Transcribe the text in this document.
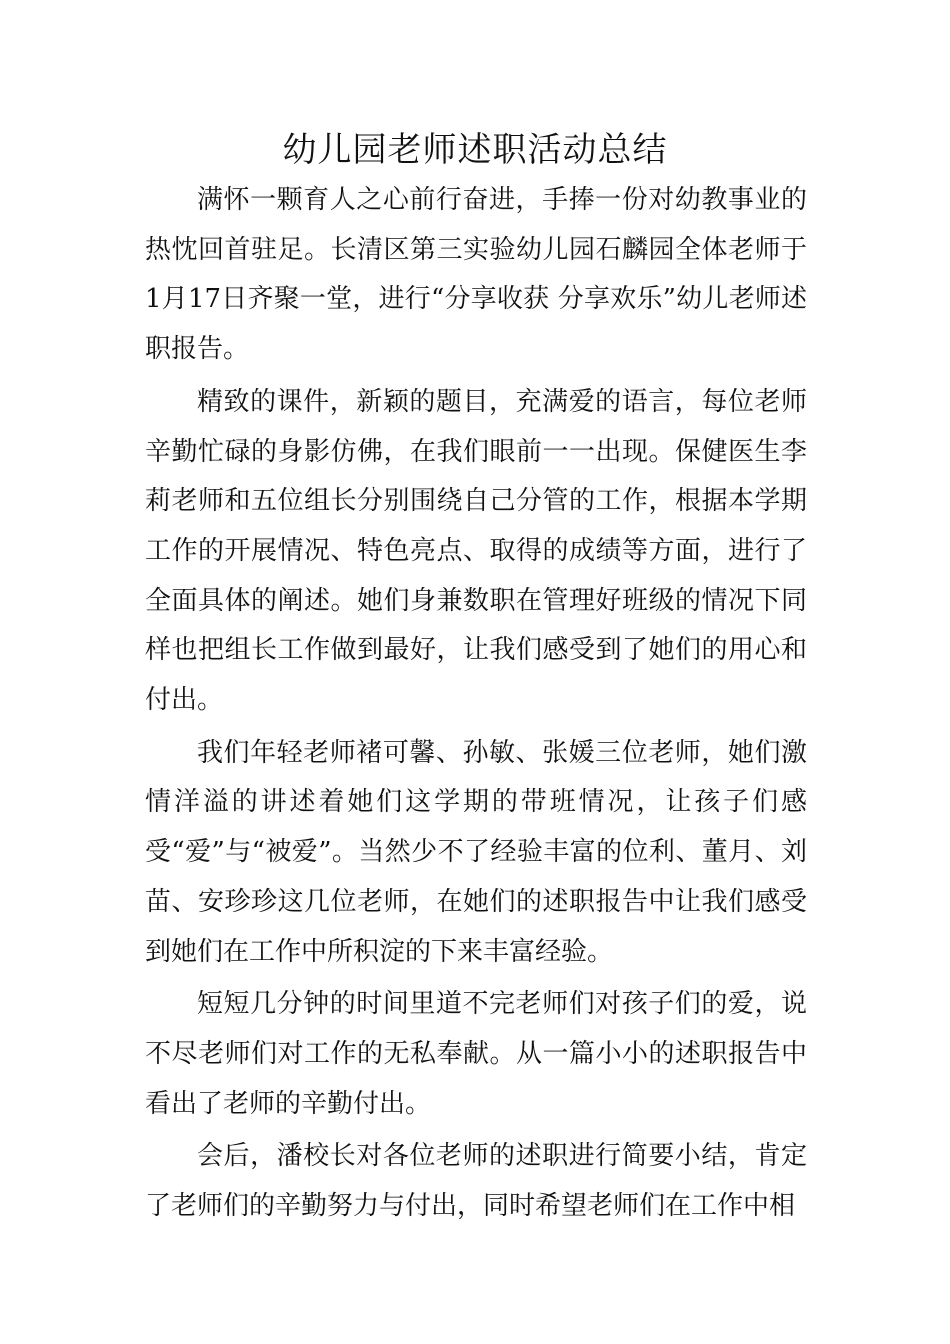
幼儿园老师述职活动总结

满怀一颗育人之心前行奋进，手捧一份对幼教事业的热忱回首驻足。长清区第三实验幼儿园石麟园全体老师于1月17日齐聚一堂，进行“分享收获 分享欢乐”幼儿老师述职报告。

精致的课件，新颖的题目，充满爱的语言，每位老师辛勤忙碌的身影仿佛，在我们眼前一一出现。保健医生李莉老师和五位组长分别围绕自己分管的工作，根据本学期工作的开展情况、特色亮点、取得的成绩等方面，进行了全面具体的阐述。她们身兼数职在管理好班级的情况下同样也把组长工作做到最好，让我们感受到了她们的用心和付出。

我们年轻老师褚可馨、孙敏、张媛三位老师，她们激情洋溢的讲述着她们这学期的带班情况，让孩子们感受“爱”与“被爱”。当然少不了经验丰富的位利、董月、刘苗、安珍珍这几位老师，在她们的述职报告中让我们感受到她们在工作中所积淀的下来丰富经验。

短短几分钟的时间里道不完老师们对孩子们的爱，说不尽老师们对工作的无私奉献。从一篇小小的述职报告中看出了老师的辛勤付出。

会后，潘校长对各位老师的述职进行简要小结，肯定了老师们的辛勤努力与付出，同时希望老师们在工作中相
